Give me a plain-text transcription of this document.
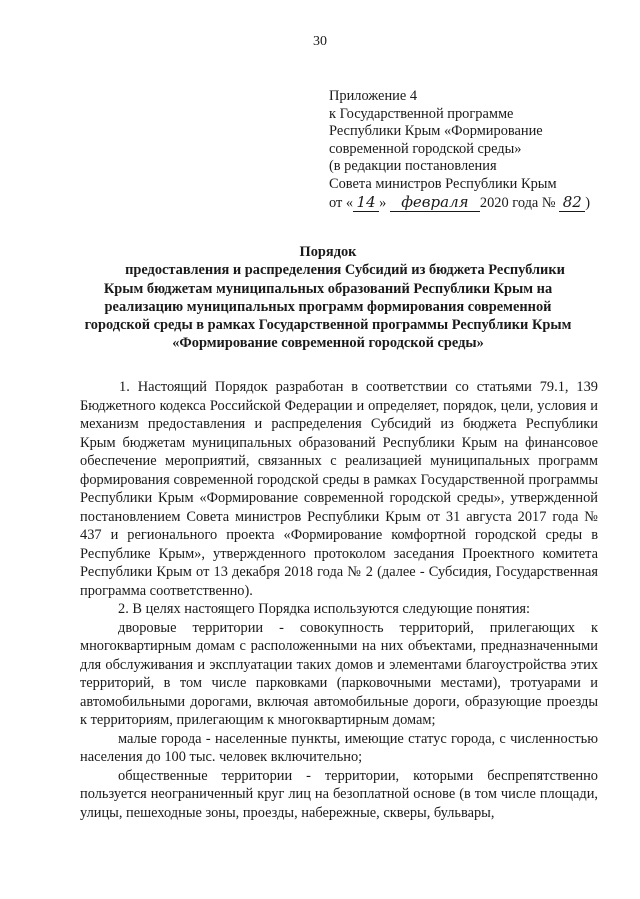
30
Приложение 4
к Государственной программе
Республики Крым «Формирование
современной городской среды»
(в редакции постановления
Совета министров Республики Крым
от « 14 » февраля 2020 года № 82 )
Порядок
предоставления и распределения Субсидий из бюджета Республики
Крым бюджетам муниципальных образований Республики Крым на
реализацию муниципальных программ формирования современной
городской среды в рамках Государственной программы Республики Крым
«Формирование современной городской среды»

1. Настоящий Порядок разработан в соответствии со статьями 79.1, 139 Бюджетного кодекса Российской Федерации и определяет, порядок, цели, условия и механизм предоставления и распределения Субсидий из бюджета Республики Крым бюджетам муниципальных образований Республики Крым на финансовое обеспечение мероприятий, связанных с реализацией муниципальных программ формирования современной городской среды в рамках Государственной программы Республики Крым «Формирование современной городской среды», утвержденной постановлением Совета министров Республики Крым от 31 августа 2017 года № 437 и регионального проекта «Формирование комфортной городской среды в Республике Крым», утвержденного протоколом заседания Проектного комитета Республики Крым от 13 декабря 2018 года № 2 (далее - Субсидия, Государственная программа соответственно).

2. В целях настоящего Порядка используются следующие понятия:

дворовые территории - совокупность территорий, прилегающих к многоквартирным домам с расположенными на них объектами, предназначенными для обслуживания и эксплуатации таких домов и элементами благоустройства этих территорий, в том числе парковками (парковочными местами), тротуарами и автомобильными дорогами, включая автомобильные дороги, образующие проезды к территориям, прилегающим к многоквартирным домам;

малые города - населенные пункты, имеющие статус города, с численностью населения до 100 тыс. человек включительно;

общественные территории - территории, которыми беспрепятственно пользуется неограниченный круг лиц на безоплатной основе (в том числе площади, улицы, пешеходные зоны, проезды, набережные, скверы, бульвары,
